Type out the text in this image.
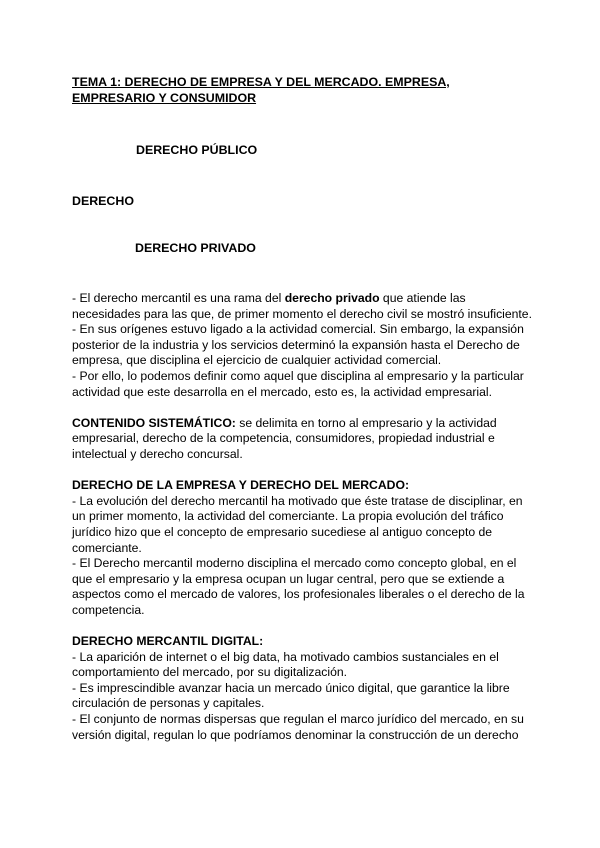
TEMA 1: DERECHO DE EMPRESA Y DEL MERCADO. EMPRESA,
EMPRESARIO Y CONSUMIDOR
DERECHO PÚBLICO
DERECHO
DERECHO PRIVADO

- El derecho mercantil es una rama del derecho privado que atiende las necesidades para las que, de primer momento el derecho civil se mostró insuficiente.

- En sus orígenes estuvo ligado a la actividad comercial. Sin embargo, la expansión posterior de la industria y los servicios determinó la expansión hasta el Derecho de empresa, que disciplina el ejercicio de cualquier actividad comercial.

- Por ello, lo podemos definir como aquel que disciplina al empresario y la particular actividad que este desarrolla en el mercado, esto es, la actividad empresarial.

CONTENIDO SISTEMÁTICO: se delimita en torno al empresario y la actividad empresarial, derecho de la competencia, consumidores, propiedad industrial e intelectual y derecho concursal.

DERECHO DE LA EMPRESA Y DERECHO DEL MERCADO:

- La evolución del derecho mercantil ha motivado que éste tratase de disciplinar, en un primer momento, la actividad del comerciante. La propia evolución del tráfico jurídico hizo que el concepto de empresario sucediese al antiguo concepto de comerciante.

- El Derecho mercantil moderno disciplina el mercado como concepto global, en el que el empresario y la empresa ocupan un lugar central, pero que se extiende a aspectos como el mercado de valores, los profesionales liberales o el derecho de la competencia.

DERECHO MERCANTIL DIGITAL:

- La aparición de internet o el big data, ha motivado cambios sustanciales en el comportamiento del mercado, por su digitalización.

- Es imprescindible avanzar hacia un mercado único digital, que garantice la libre circulación de personas y capitales.

- El conjunto de normas dispersas que regulan el marco jurídico del mercado, en su versión digital, regulan lo que podríamos denominar la construcción de un derecho
